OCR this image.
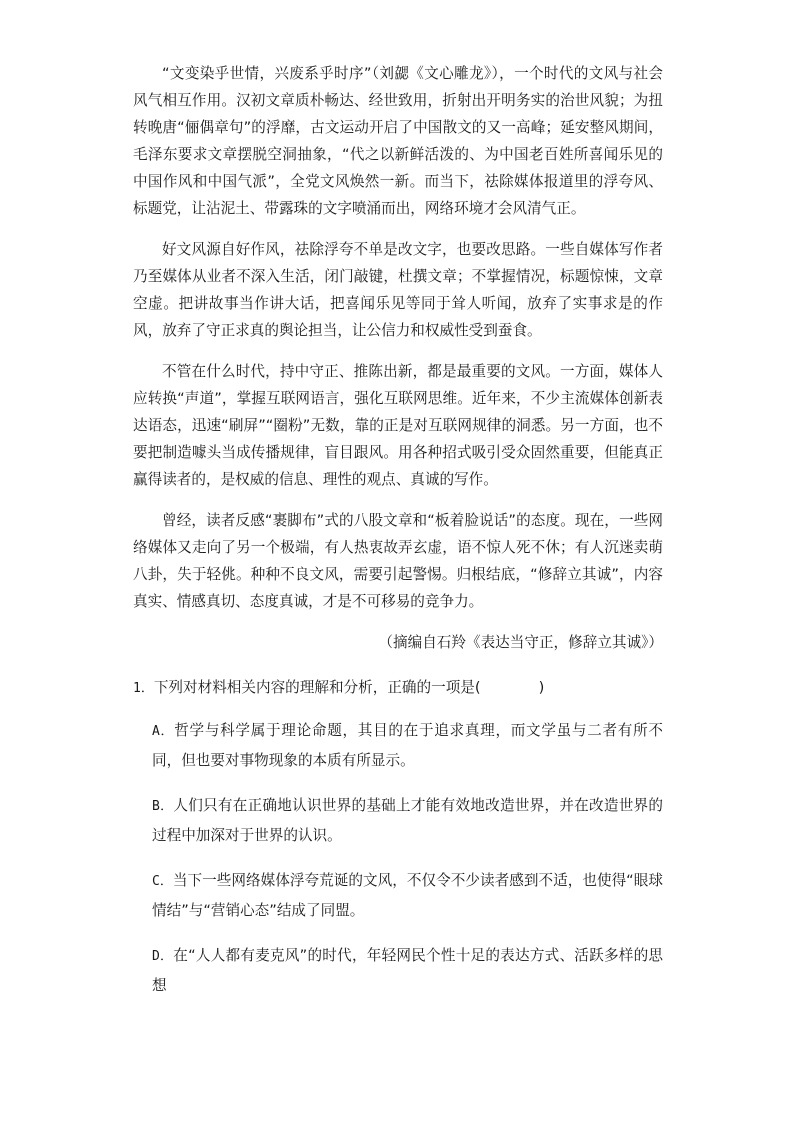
“文变染乎世情，兴废系乎时序”（刘勰《文心雕龙》），一个时代的文风与社会风气相互作用。汉初文章质朴畅达、经世致用，折射出开明务实的治世风貌；为扭转晚唐“俪偶章句”的浮靡，古文运动开启了中国散文的又一高峰；延安整风期间，毛泽东要求文章摆脱空洞抽象，“代之以新鲜活泼的、为中国老百姓所喜闻乐见的中国作风和中国气派”，全党文风焕然一新。而当下，祛除媒体报道里的浮夸风、标题党，让沾泥土、带露珠的文字喷涌而出，网络环境才会风清气正。

好文风源自好作风，祛除浮夸不单是改文字，也要改思路。一些自媒体写作者乃至媒体从业者不深入生活，闭门敲键，杜撰文章；不掌握情况，标题惊悚，文章空虚。把讲故事当作讲大话，把喜闻乐见等同于耸人听闻，放弃了实事求是的作风，放弃了守正求真的舆论担当，让公信力和权威性受到蚕食。

不管在什么时代，持中守正、推陈出新，都是最重要的文风。一方面，媒体人应转换“声道”，掌握互联网语言，强化互联网思维。近年来，不少主流媒体创新表达语态，迅速“刷屏”“圈粉”无数，靠的正是对互联网规律的洞悉。另一方面，也不要把制造噱头当成传播规律，盲目跟风。用各种招式吸引受众固然重要，但能真正赢得读者的，是权威的信息、理性的观点、真诚的写作。

曾经，读者反感“裹脚布”式的八股文章和“板着脸说话”的态度。现在，一些网络媒体又走向了另一个极端，有人热衷故弄玄虚，语不惊人死不休；有人沉迷卖萌八卦，失于轻佻。种种不良文风，需要引起警惕。归根结底，“修辞立其诚”，内容真实、情感真切、态度真诚，才是不可移易的竞争力。

（摘编自石羚《表达当守正，修辞立其诚》）
1．下列对材料相关内容的理解和分析，正确的一项是(	)
A．哲学与科学属于理论命题，其目的在于追求真理，而文学虽与二者有所不同，但也要对事物现象的本质有所显示。
B．人们只有在正确地认识世界的基础上才能有效地改造世界，并在改造世界的过程中加深对于世界的认识。
C．当下一些网络媒体浮夸荒诞的文风，不仅令不少读者感到不适，也使得“眼球情结”与“营销心态”结成了同盟。
D．在“人人都有麦克风”的时代，年轻网民个性十足的表达方式、活跃多样的思想
